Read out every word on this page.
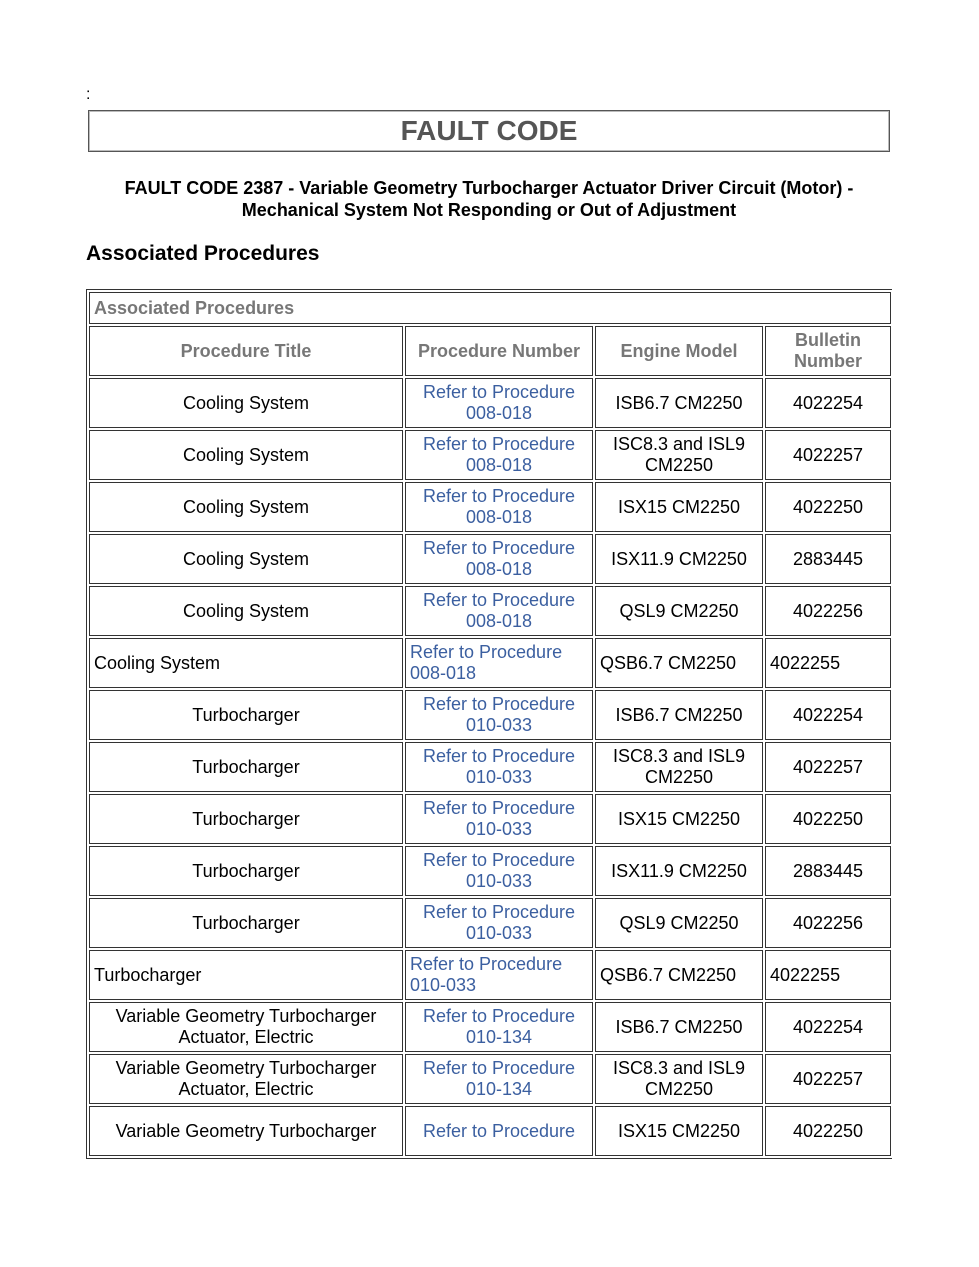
:
FAULT CODE
FAULT CODE 2387 - Variable Geometry Turbocharger Actuator Driver Circuit (Motor) - Mechanical System Not Responding or Out of Adjustment
Associated Procedures
Associated Procedures			
Procedure Title	Procedure Number	Engine Model	Bulletin Number
Cooling System	Refer to Procedure 008-018	ISB6.7 CM2250	4022254
Cooling System	Refer to Procedure 008-018	ISC8.3 and ISL9 CM2250	4022257
Cooling System	Refer to Procedure 008-018	ISX15 CM2250	4022250
Cooling System	Refer to Procedure 008-018	ISX11.9 CM2250	2883445
Cooling System	Refer to Procedure 008-018	QSL9 CM2250	4022256
Cooling System	Refer to Procedure 008-018	QSB6.7 CM2250	4022255
Turbocharger	Refer to Procedure 010-033	ISB6.7 CM2250	4022254
Turbocharger	Refer to Procedure 010-033	ISC8.3 and ISL9 CM2250	4022257
Turbocharger	Refer to Procedure 010-033	ISX15 CM2250	4022250
Turbocharger	Refer to Procedure 010-033	ISX11.9 CM2250	2883445
Turbocharger	Refer to Procedure 010-033	QSL9 CM2250	4022256
Turbocharger	Refer to Procedure 010-033	QSB6.7 CM2250	4022255
Variable Geometry Turbocharger Actuator, Electric	Refer to Procedure 010-134	ISB6.7 CM2250	4022254
Variable Geometry Turbocharger Actuator, Electric	Refer to Procedure 010-134	ISC8.3 and ISL9 CM2250	4022257
Variable Geometry Turbocharger	Refer to Procedure	ISX15 CM2250	4022250
